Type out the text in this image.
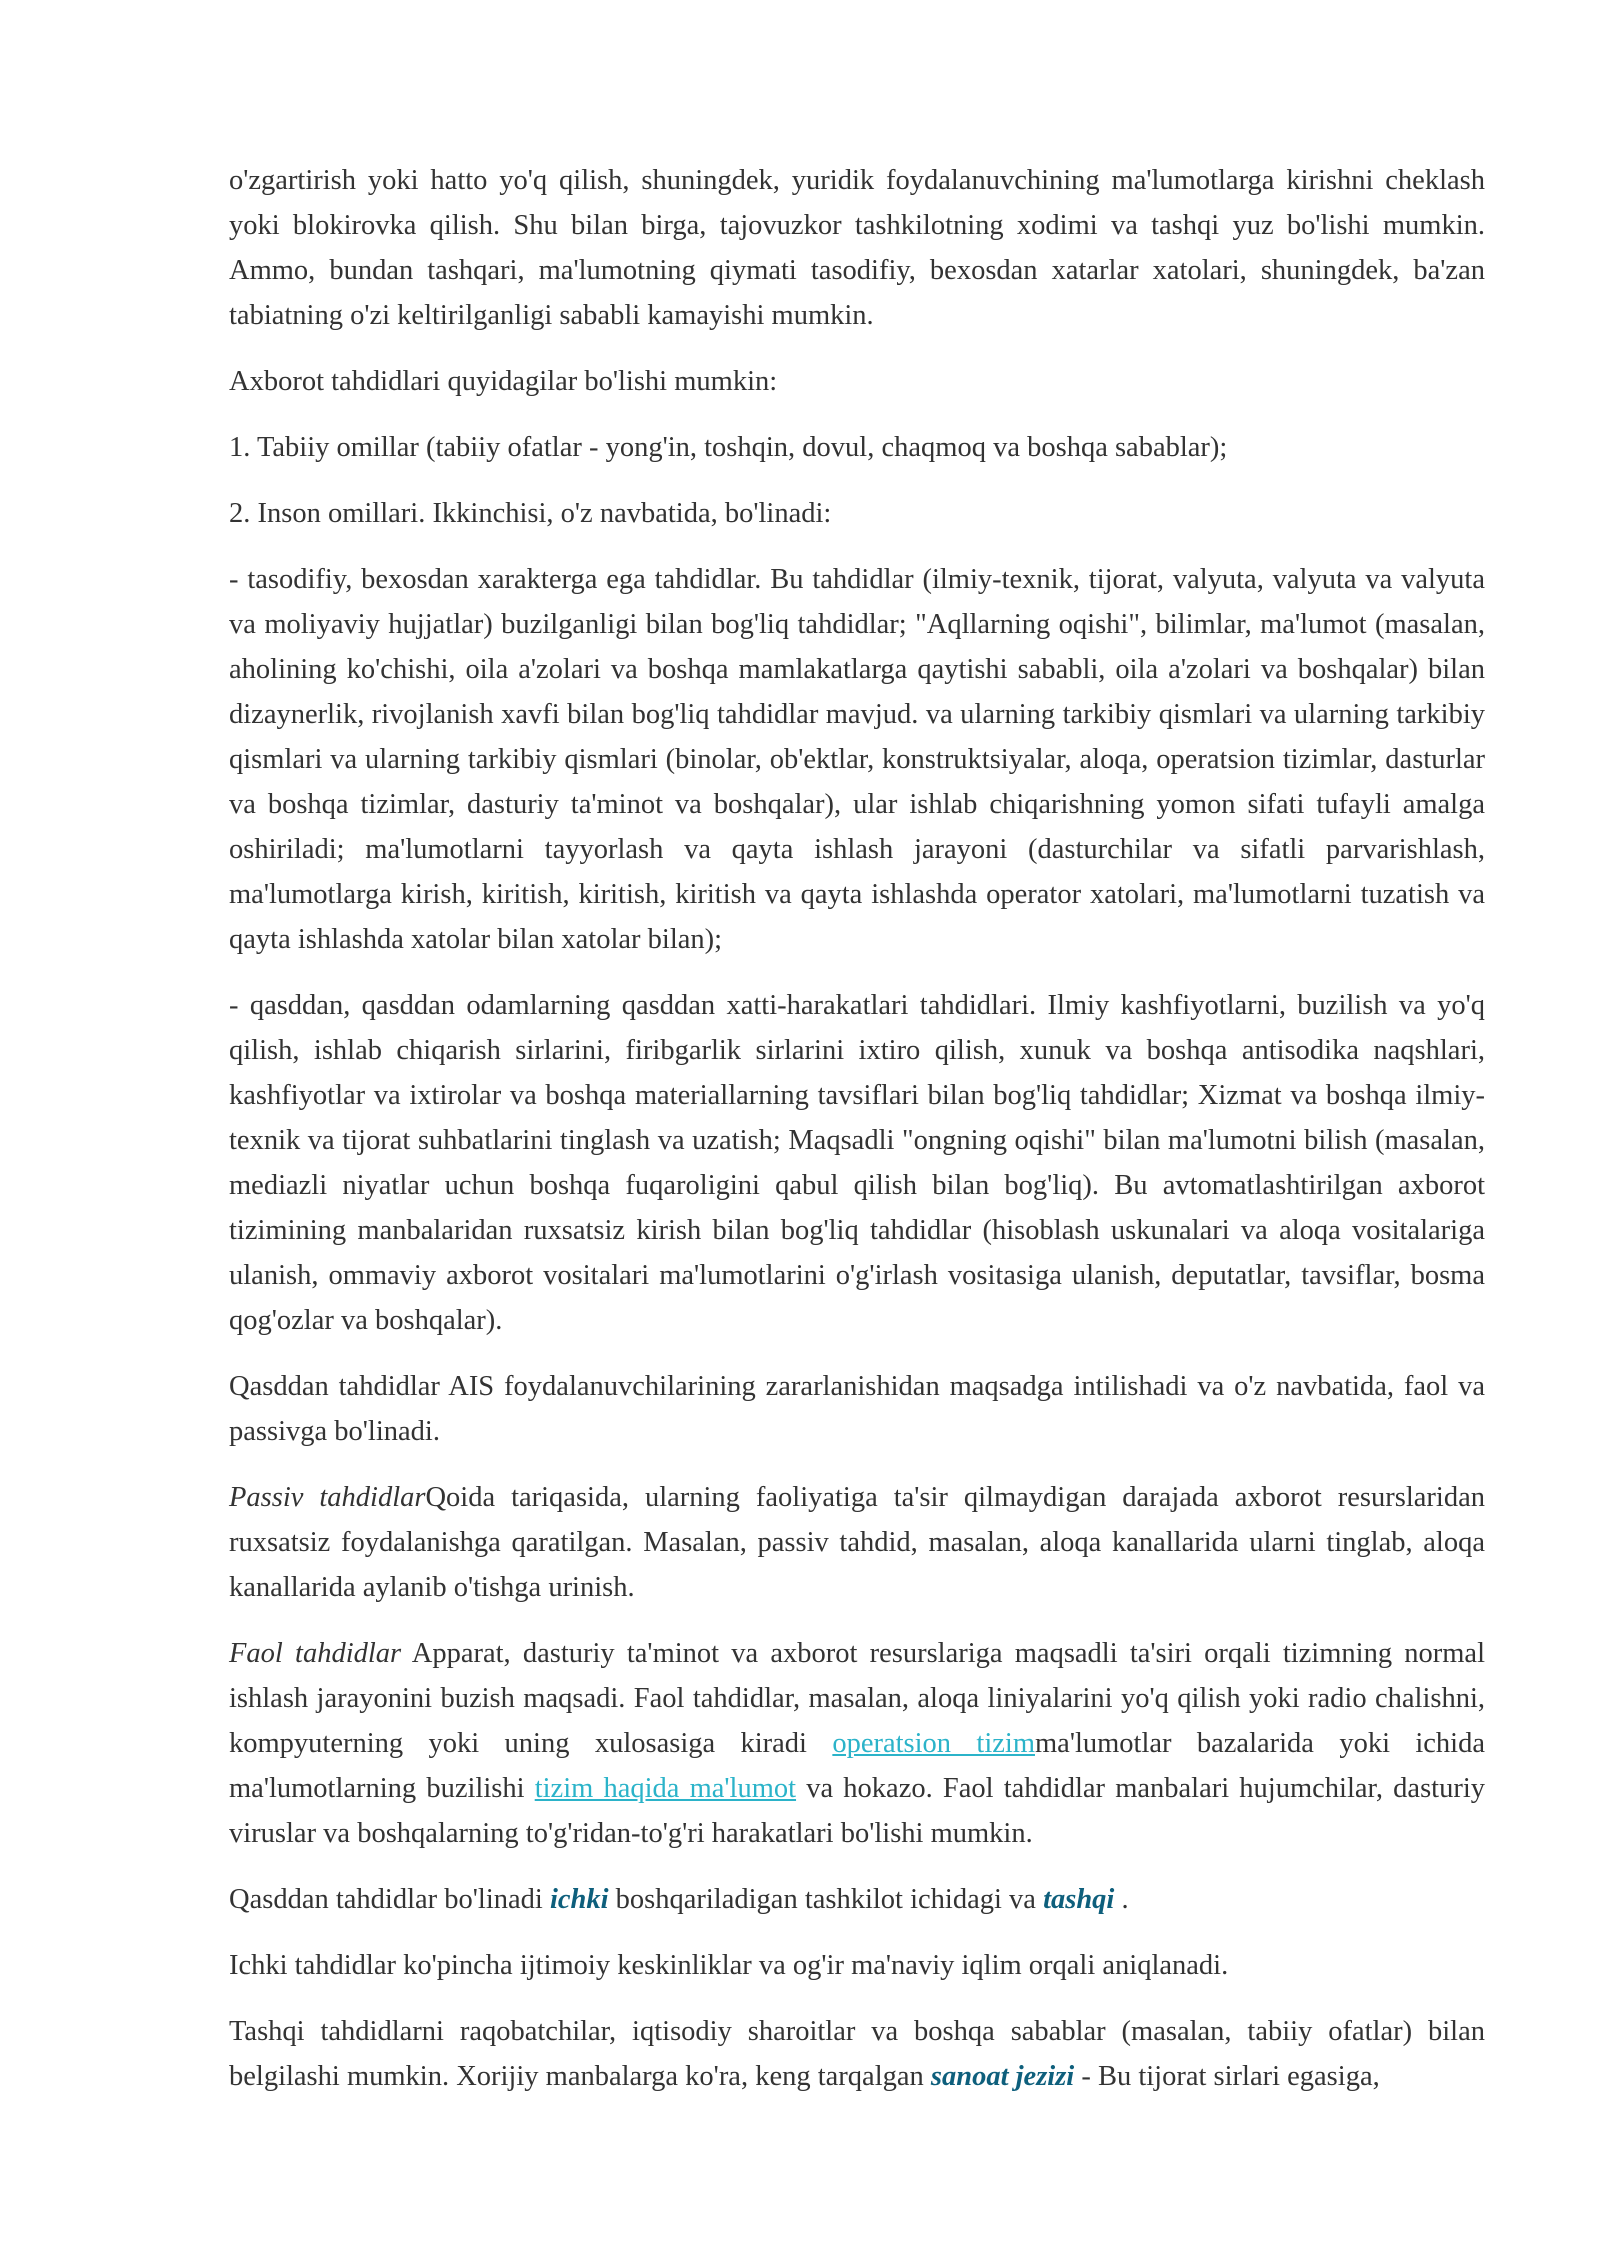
o'zgartirish yoki hatto yo'q qilish, shuningdek, yuridik foydalanuvchining ma'lumotlarga kirishni cheklash yoki blokirovka qilish. Shu bilan birga, tajovuzkor tashkilotning xodimi va tashqi yuz bo'lishi mumkin. Ammo, bundan tashqari, ma'lumotning qiymati tasodifiy, bexosdan xatarlar xatolari, shuningdek, ba'zan tabiatning o'zi keltirilganligi sababli kamayishi mumkin.

Axborot tahdidlari quyidagilar bo'lishi mumkin:

1. Tabiiy omillar (tabiiy ofatlar - yong'in, toshqin, dovul, chaqmoq va boshqa sabablar);

2. Inson omillari. Ikkinchisi, o'z navbatida, bo'linadi:

- tasodifiy, bexosdan xarakterga ega tahdidlar. Bu tahdidlar (ilmiy-texnik, tijorat, valyuta, valyuta va valyuta va moliyaviy hujjatlar) buzilganligi bilan bog'liq tahdidlar; "Aqllarning oqishi", bilimlar, ma'lumot (masalan, aholining ko'chishi, oila a'zolari va boshqa mamlakatlarga qaytishi sababli, oila a'zolari va boshqalar) bilan dizaynerlik, rivojlanish xavfi bilan bog'liq tahdidlar mavjud. va ularning tarkibiy qismlari va ularning tarkibiy qismlari va ularning tarkibiy qismlari (binolar, ob'ektlar, konstruktsiyalar, aloqa, operatsion tizimlar, dasturlar va boshqa tizimlar, dasturiy ta'minot va boshqalar), ular ishlab chiqarishning yomon sifati tufayli amalga oshiriladi; ma'lumotlarni tayyorlash va qayta ishlash jarayoni (dasturchilar va sifatli parvarishlash, ma'lumotlarga kirish, kiritish, kiritish, kiritish va qayta ishlashda operator xatolari, ma'lumotlarni tuzatish va qayta ishlashda xatolar bilan xatolar bilan);

- qasddan, qasddan odamlarning qasddan xatti-harakatlari tahdidlari. Ilmiy kashfiyotlarni, buzilish va yo'q qilish, ishlab chiqarish sirlarini, firibgarlik sirlarini ixtiro qilish, xunuk va boshqa antisodika naqshlari, kashfiyotlar va ixtirolar va boshqa materiallarning tavsiflari bilan bog'liq tahdidlar; Xizmat va boshqa ilmiy-texnik va tijorat suhbatlarini tinglash va uzatish; Maqsadli "ongning oqishi" bilan ma'lumotni bilish (masalan, mediazli niyatlar uchun boshqa fuqaroligini qabul qilish bilan bog'liq). Bu avtomatlashtirilgan axborot tizimining manbalaridan ruxsatsiz kirish bilan bog'liq tahdidlar (hisoblash uskunalari va aloqa vositalariga ulanish, ommaviy axborot vositalari ma'lumotlarini o'g'irlash vositasiga ulanish, deputatlar, tavsiflar, bosma qog'ozlar va boshqalar).

Qasddan tahdidlar AIS foydalanuvchilarining zararlanishidan maqsadga intilishadi va o'z navbatida, faol va passivga bo'linadi.

Passiv tahdidlarQoida tariqasida, ularning faoliyatiga ta'sir qilmaydigan darajada axborot resurslaridan ruxsatsiz foydalanishga qaratilgan. Masalan, passiv tahdid, masalan, aloqa kanallarida ularni tinglab, aloqa kanallarida aylanib o'tishga urinish.

Faol tahdidlar Apparat, dasturiy ta'minot va axborot resurslariga maqsadli ta'siri orqali tizimning normal ishlash jarayonini buzish maqsadi. Faol tahdidlar, masalan, aloqa liniyalarini yo'q qilish yoki radio chalishni, kompyuterning yoki uning xulosasiga kiradi operatsion tizimma'lumotlar bazalarida yoki ichida ma'lumotlarning buzilishi tizim haqida ma'lumot va hokazo. Faol tahdidlar manbalari hujumchilar, dasturiy viruslar va boshqalarning to'g'ridan-to'g'ri harakatlari bo'lishi mumkin.

Qasddan tahdidlar bo'linadi ichki boshqariladigan tashkilot ichidagi va tashqi .

Ichki tahdidlar ko'pincha ijtimoiy keskinliklar va og'ir ma'naviy iqlim orqali aniqlanadi.

Tashqi tahdidlarni raqobatchilar, iqtisodiy sharoitlar va boshqa sabablar (masalan, tabiiy ofatlar) bilan belgilashi mumkin. Xorijiy manbalarga ko'ra, keng tarqalgan sanoat jezizi - Bu tijorat sirlari egasiga,
